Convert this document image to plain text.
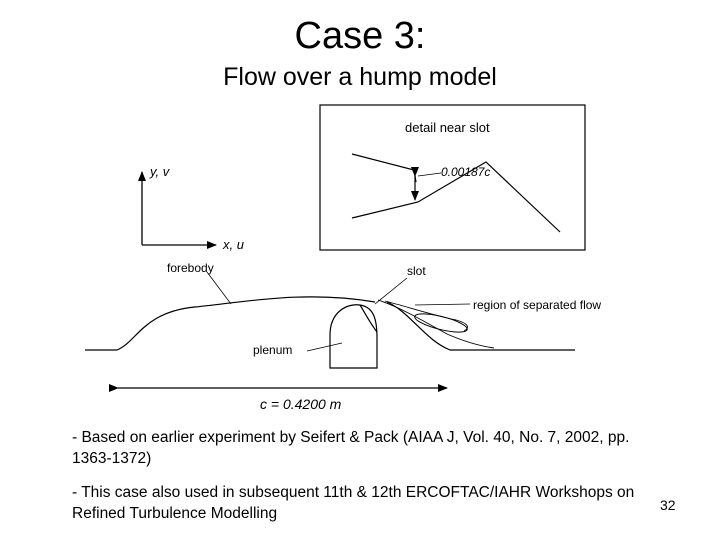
Case 3:
Flow over a hump model
detail near slot
0.00187c
y, v
x, u
forebody	slot
region of separated flow
plenum
c = 0.4200 m

- Based on earlier experiment by Seifert & Pack (AIAA J, Vol. 40, No. 7, 2002, pp. 1363-1372)

- This case also used in subsequent 11th & 12th ERCOFTAC/IAHR Workshops on Refined Turbulence Modelling	32
